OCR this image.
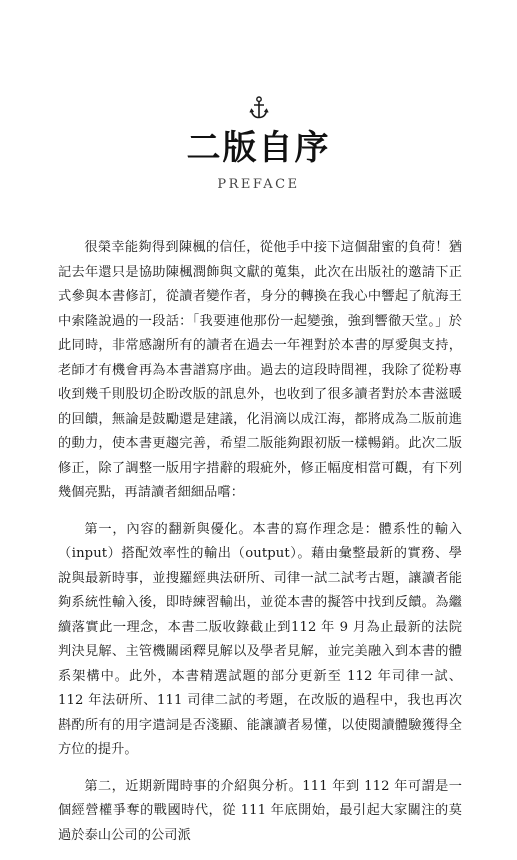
二版自序
PREFACE

很榮幸能夠得到陳楓的信任，從他手中接下這個甜蜜的負荷！猶記去年還只是協助陳楓潤飾與文獻的蒐集，此次在出版社的邀請下正式參與本書修訂，從讀者變作者，身分的轉換在我心中響起了航海王中索隆說過的一段話：「我要連他那份一起變強，強到響徹天堂。」於此同時，非常感謝所有的讀者在過去一年裡對於本書的厚愛與支持，老師才有機會再為本書譜寫序曲。過去的這段時間裡，我除了從粉專收到幾千則股切企盼改版的訊息外，也收到了很多讀者對於本書滋暖的回饋，無論是鼓勵還是建議，化涓滴以成江海，都將成為二版前進的動力，使本書更趨完善，希望二版能夠跟初版一樣暢銷。此次二版修正，除了調整一版用字措辭的瑕疵外，修正幅度相當可觀，有下列幾個亮點，再請讀者細細品嚐：

第一，內容的翻新與優化。本書的寫作理念是：體系性的輸入（input）搭配效率性的輸出（output）。藉由彙整最新的實務、學說與最新時事，並搜羅經典法研所、司律一試二試考古題，讓讀者能夠系統性輸入後，即時練習輸出，並從本書的擬答中找到反饋。為繼續落實此一理念，本書二版收錄截止到112 年 9 月為止最新的法院判決見解、主管機關函釋見解以及學者見解，並完美融入到本書的體系架構中。此外，本書精選試題的部分更新至 112 年司律一試、112 年法研所、111 司律二試的考題，在改版的過程中，我也再次斟酌所有的用字遣詞是否淺顯、能讓讀者易懂，以使閱讀體驗獲得全方位的提升。

第二，近期新聞時事的介紹與分析。111 年到 112 年可謂是一個經營權爭奪的戰國時代，從 111 年底開始，最引起大家關注的莫過於泰山公司的公司派
